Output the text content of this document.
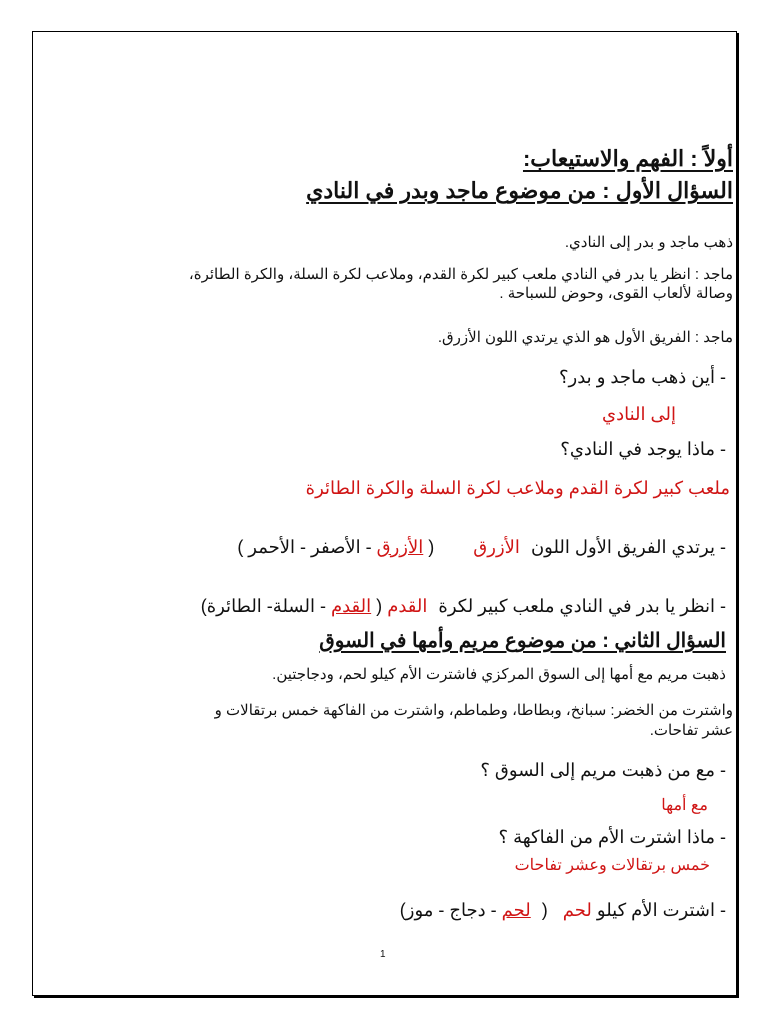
أولاً : الفهم والاستيعاب:
السؤال الأول : من موضوع ماجد وبدر في النادي
ذهب ماجد و بدر إلى النادي.
ماجد : انظر يا بدر في النادي ملعب كبير لكرة القدم، وملاعب لكرة السلة، والكرة الطائرة،
وصالة لألعاب القوى، وحوض للسباحة .
ماجد : الفريق الأول هو الذي يرتدي اللون الأزرق.
- أين ذهب ماجد و بدر؟
إلى النادي
- ماذا يوجد في النادي؟
ملعب كبير لكرة القدم وملاعب لكرة السلة والكرة الطائرة
- يرتدي الفريق الأول اللون الأزرق ( الأزرق - الأصفر - الأحمر )
- انظر يا بدر في النادي ملعب كبير لكرة القدم ( القدم - السلة- الطائرة)
السؤال الثاني : من موضوع مريم وأمها في السوق
ذهبت مريم مع أمها إلى السوق المركزي فاشترت الأم كيلو لحم، ودجاجتين.
واشترت من الخضر: سبانخ، وبطاطا، وطماطم، واشترت من الفاكهة خمس برتقالات و
عشر تفاحات.
- مع من ذهبت مريم إلى السوق ؟
مع أمها
- ماذا اشترت الأم من الفاكهة ؟
خمس برتقالات وعشر تفاحات
- اشترت الأم كيلو لحم ( لحم - دجاج - موز)
1
